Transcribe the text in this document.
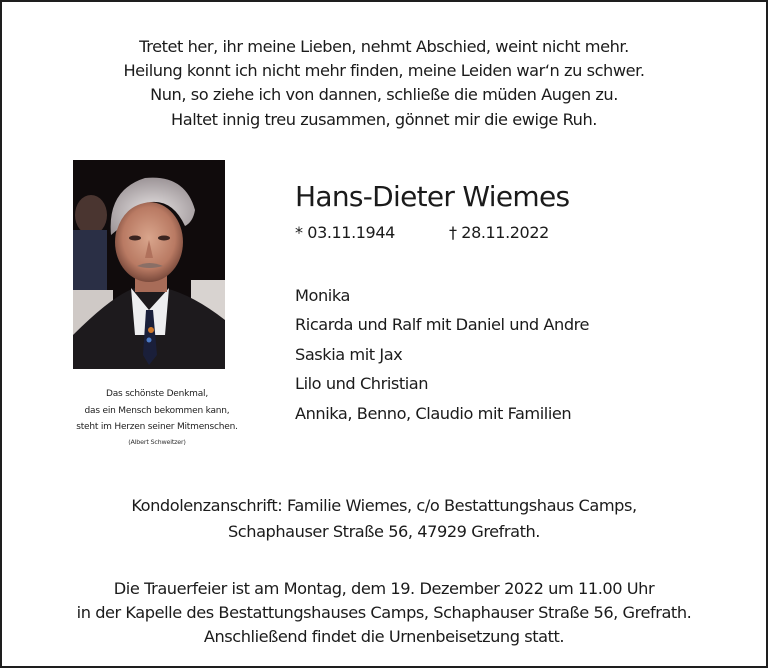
Tretet her, ihr meine Lieben, nehmt Abschied, weint nicht mehr.
Heilung konnt ich nicht mehr finden, meine Leiden war‘n zu schwer.
Nun, so ziehe ich von dannen, schließe die müden Augen zu.
Haltet innig treu zusammen, gönnet mir die ewige Ruh.
Das schönste Denkmal,
das ein Mensch bekommen kann,
steht im Herzen seiner Mitmenschen.
(Albert Schweitzer)
Hans-Dieter Wiemes
* 03.11.1944	† 28.11.2022
Monika
Ricarda und Ralf mit Daniel und Andre
Saskia mit Jax
Lilo und Christian
Annika, Benno, Claudio mit Familien
Kondolenzanschrift: Familie Wiemes, c/o Bestattungshaus Camps,
Schaphauser Straße 56, 47929 Grefrath.
Die Trauerfeier ist am Montag, dem 19. Dezember 2022 um 11.00 Uhr
in der Kapelle des Bestattungshauses Camps, Schaphauser Straße 56, Grefrath.
Anschließend findet die Urnenbeisetzung statt.
